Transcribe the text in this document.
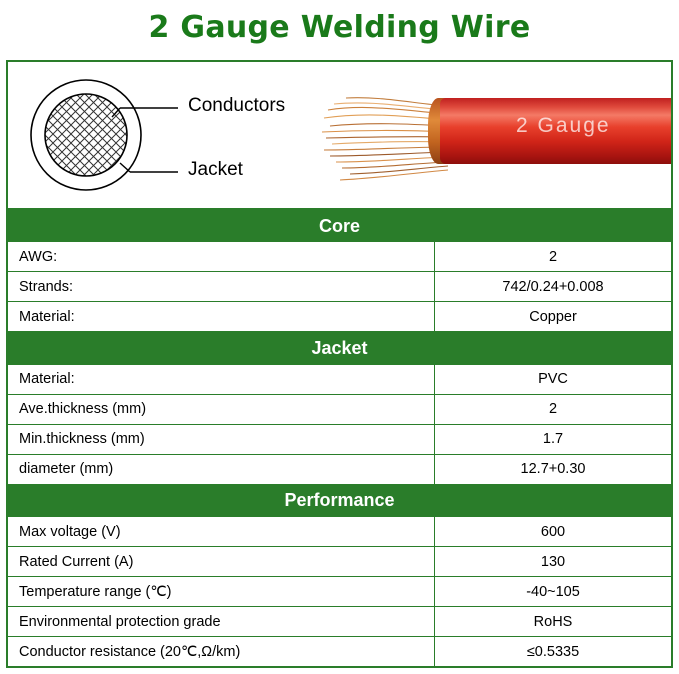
2 Gauge Welding Wire
Conductors
Jacket
2 Gauge
Core
AWG:	2
Strands:	742/0.24+0.008
Material:	Copper
Jacket
Material:	PVC
Ave.thickness (mm)	2
Min.thickness (mm)	1.7
diameter (mm)	12.7+0.30
Performance
Max voltage (V)	600
Rated Current (A)	130
Temperature range (℃)	-40~105
Environmental protection grade	RoHS
Conductor resistance (20℃,Ω/km)	≤0.5335
